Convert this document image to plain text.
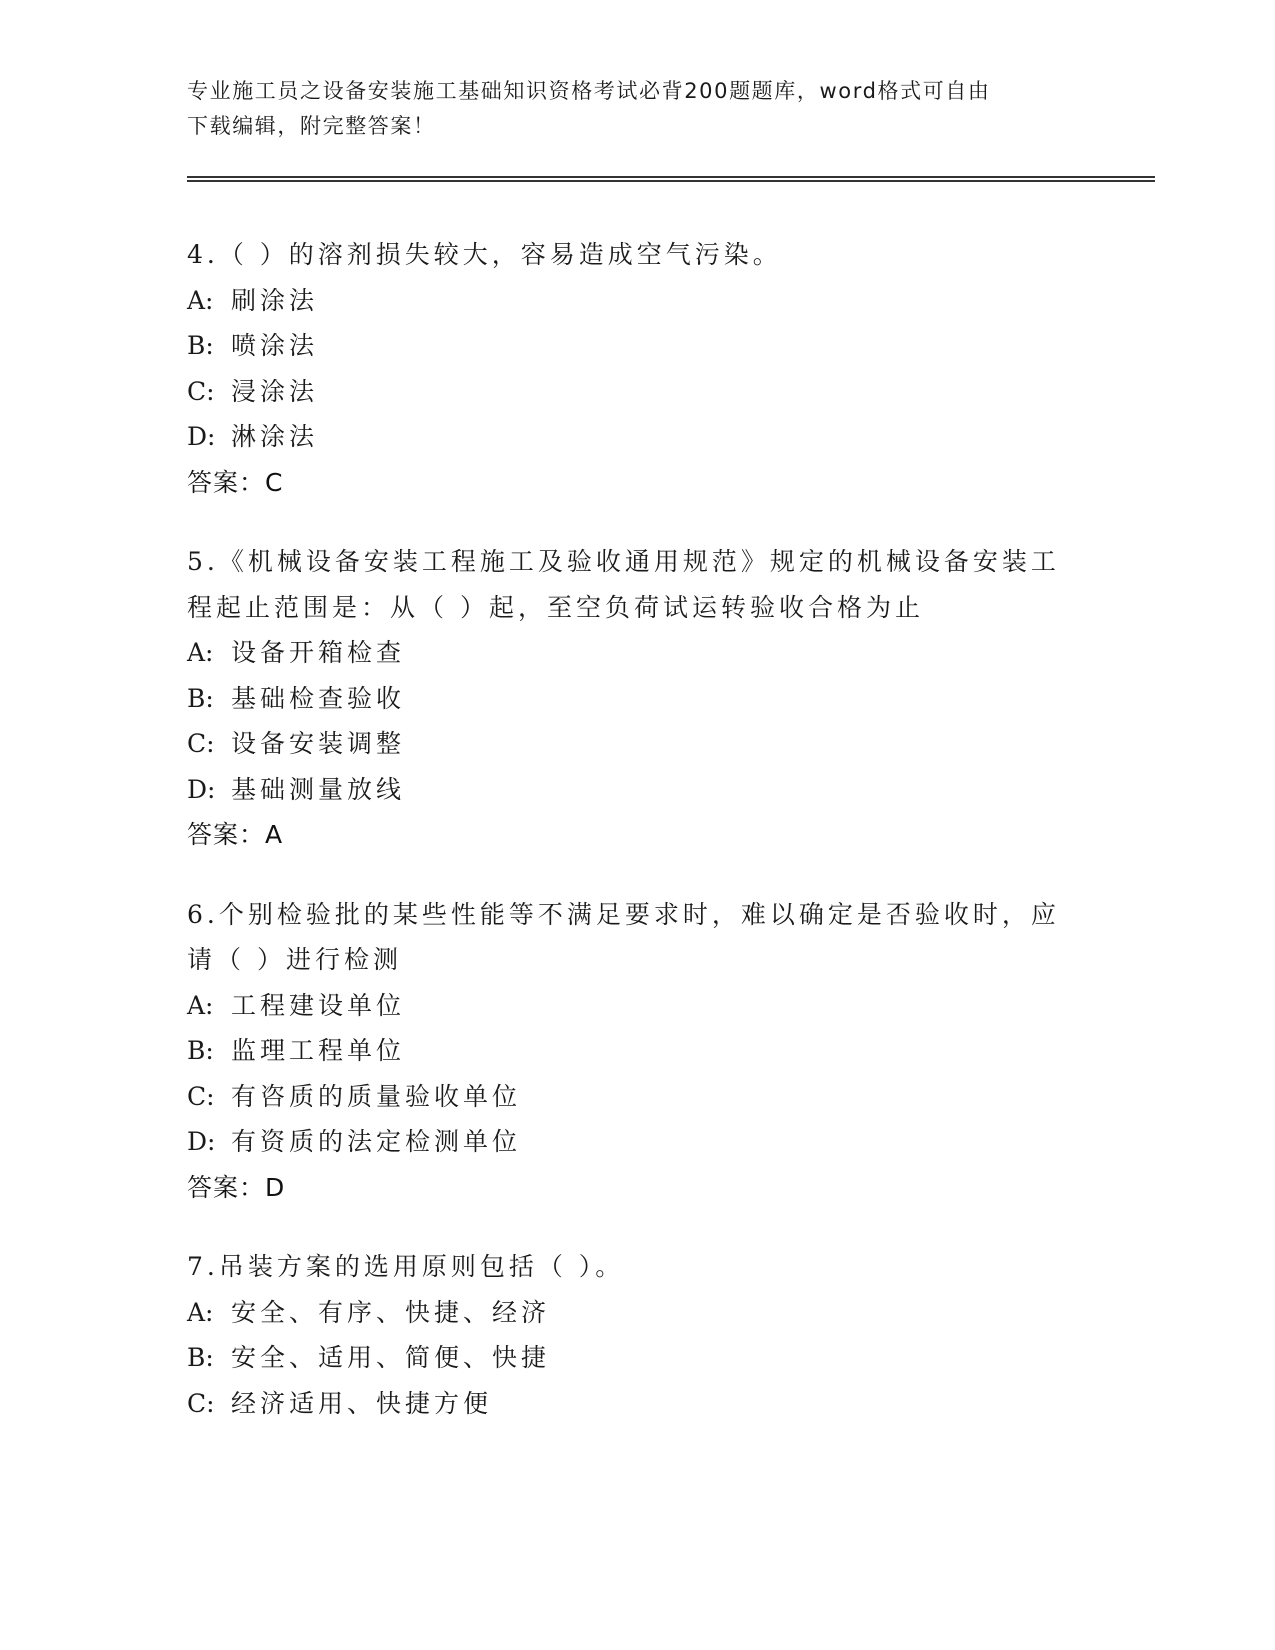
专业施工员之设备安装施工基础知识资格考试必背200题题库，word格式可自由
下载编辑，附完整答案！

4.（ ）的溶剂损失较大，容易造成空气污染。

A: 刷涂法
B: 喷涂法
C: 浸涂法
D: 淋涂法
答案：C

5.《机械设备安装工程施工及验收通用规范》规定的机械设备安装工

程起止范围是：从（ ）起，至空负荷试运转验收合格为止

A: 设备开箱检查
B: 基础检查验收
C: 设备安装调整
D: 基础测量放线
答案：A

6.个别检验批的某些性能等不满足要求时，难以确定是否验收时，应

请（ ）进行检测

A: 工程建设单位
B: 监理工程单位
C: 有咨质的质量验收单位
D: 有资质的法定检测单位
答案：D

7.吊装方案的选用原则包括（ ）。

A: 安全、有序、快捷、经济
B: 安全、适用、简便、快捷
C: 经济适用、快捷方便
